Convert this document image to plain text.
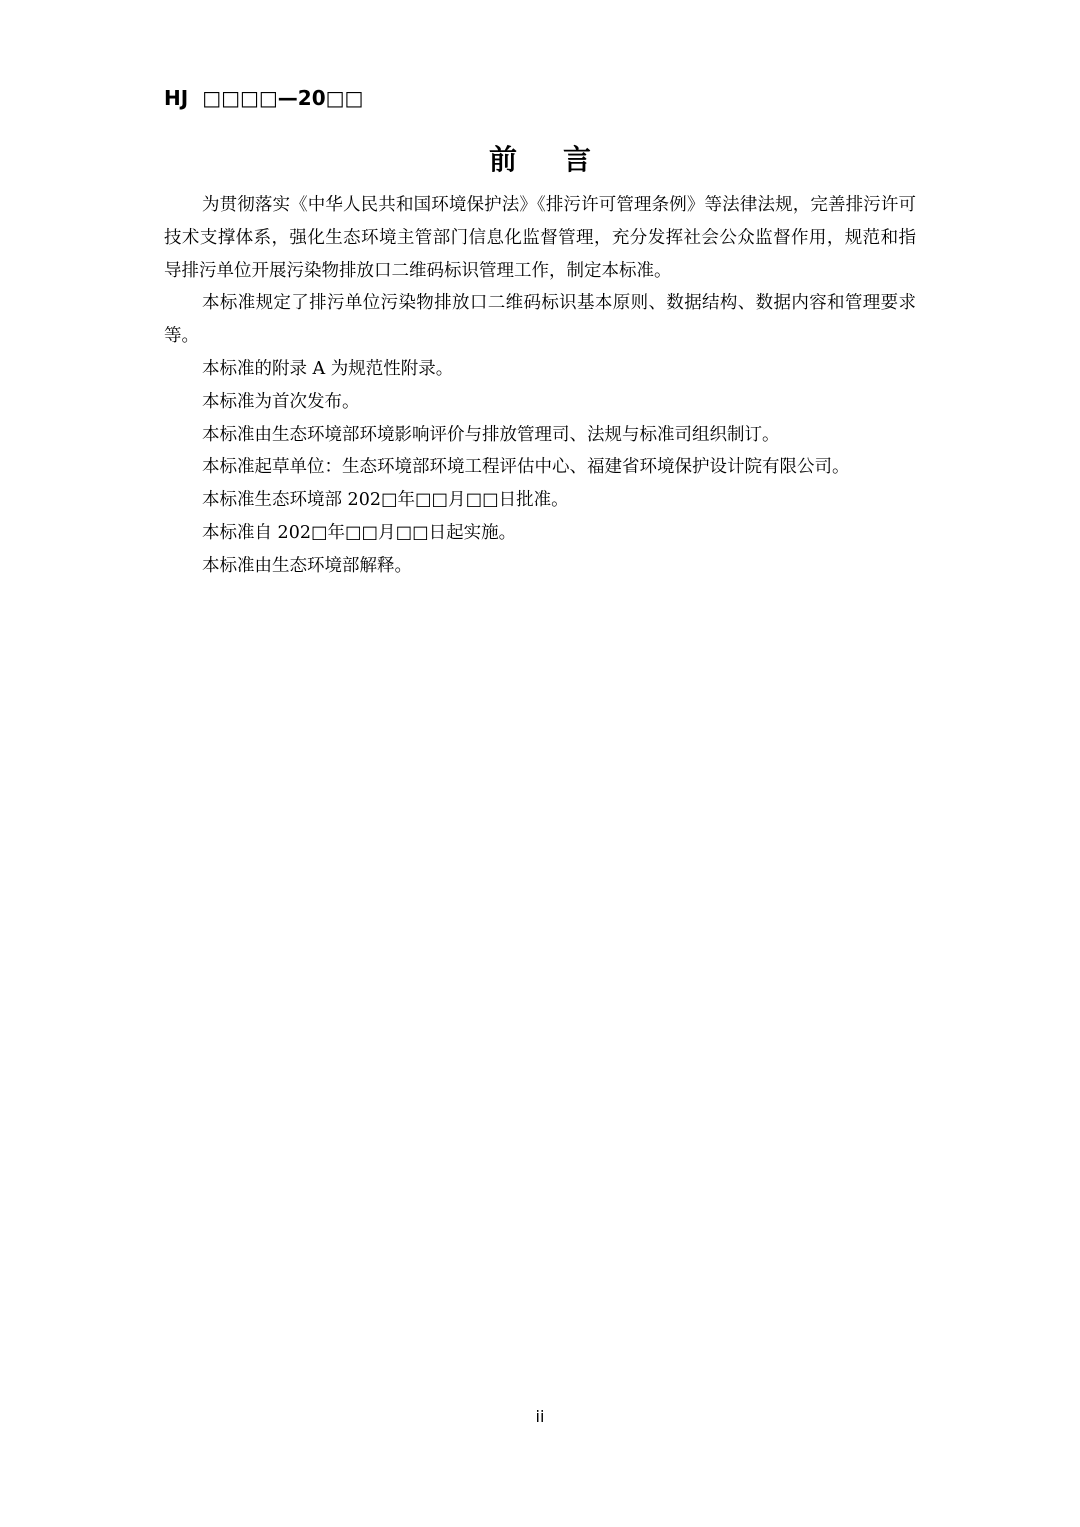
HJ □□□□—20□□
前言

为贯彻落实《中华人民共和国环境保护法》《排污许可管理条例》等法律法规，完善排污许可技术支撑体系，强化生态环境主管部门信息化监督管理，充分发挥社会公众监督作用，规范和指导排污单位开展污染物排放口二维码标识管理工作，制定本标准。

本标准规定了排污单位污染物排放口二维码标识基本原则、数据结构、数据内容和管理要求等。

本标准的附录 A 为规范性附录。

本标准为首次发布。

本标准由生态环境部环境影响评价与排放管理司、法规与标准司组织制订。

本标准起草单位：生态环境部环境工程评估中心、福建省环境保护设计院有限公司。

本标准生态环境部 202□年□□月□□日批准。

本标准自 202□年□□月□□日起实施。

本标准由生态环境部解释。

ii
